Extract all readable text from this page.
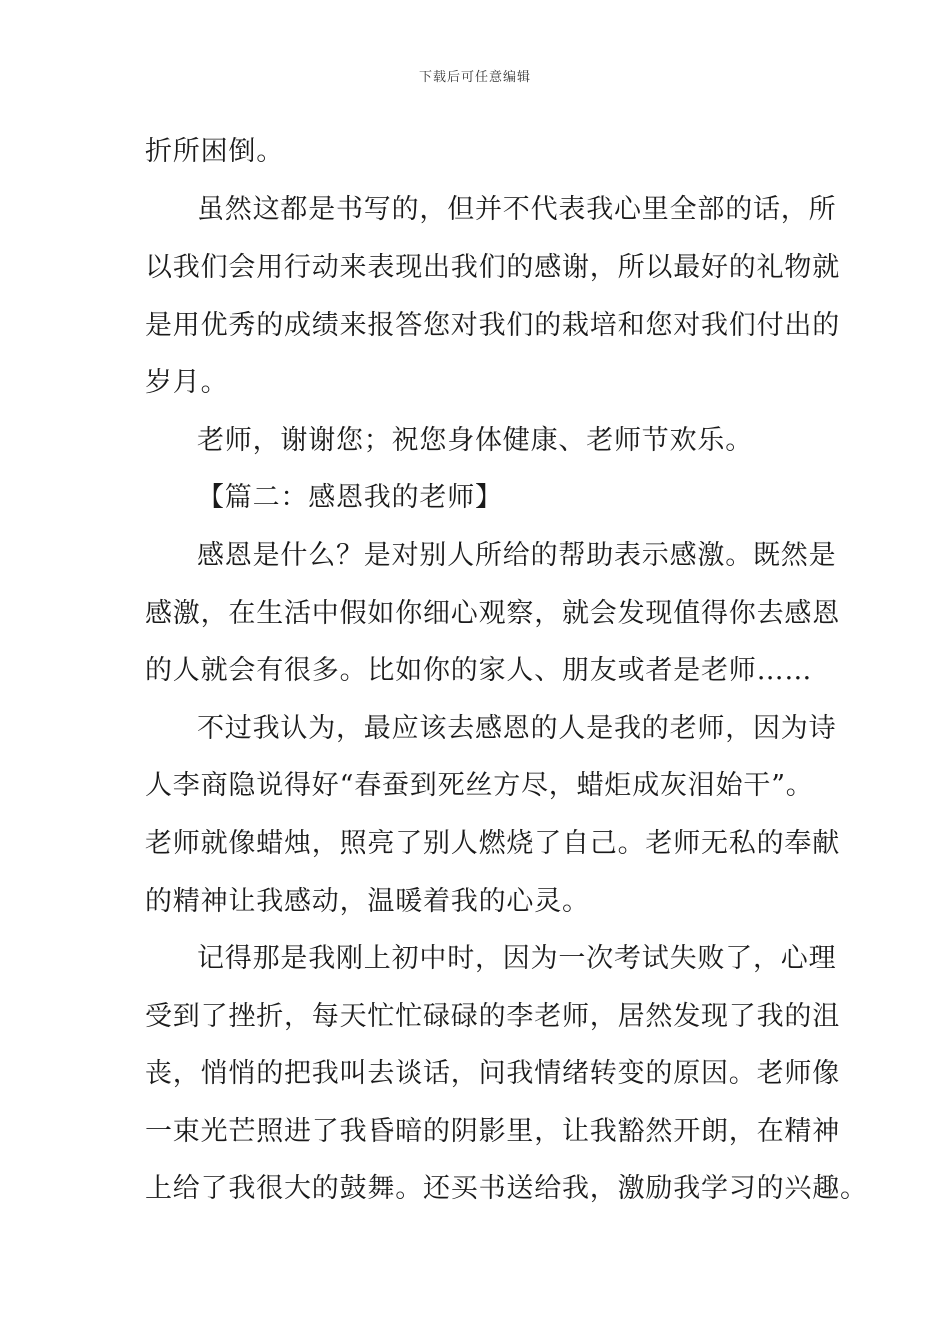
下载后可任意编辑
折所困倒。
虽然这都是书写的，但并不代表我心里全部的话，所
以我们会用行动来表现出我们的感谢，所以最好的礼物就
是用优秀的成绩来报答您对我们的栽培和您对我们付出的
岁月。
老师，谢谢您；祝您身体健康、老师节欢乐。
【篇二：感恩我的老师】
感恩是什么？是对别人所给的帮助表示感激。既然是
感激，在生活中假如你细心观察，就会发现值得你去感恩
的人就会有很多。比如你的家人、朋友或者是老师……
不过我认为，最应该去感恩的人是我的老师，因为诗
人李商隐说得好“春蚕到死丝方尽，蜡炬成灰泪始干”。
老师就像蜡烛，照亮了别人燃烧了自己。老师无私的奉献
的精神让我感动，温暖着我的心灵。
记得那是我刚上初中时，因为一次考试失败了，心理
受到了挫折，每天忙忙碌碌的李老师，居然发现了我的沮
丧，悄悄的把我叫去谈话，问我情绪转变的原因。老师像
一束光芒照进了我昏暗的阴影里，让我豁然开朗，在精神
上给了我很大的鼓舞。还买书送给我，激励我学习的兴趣。
